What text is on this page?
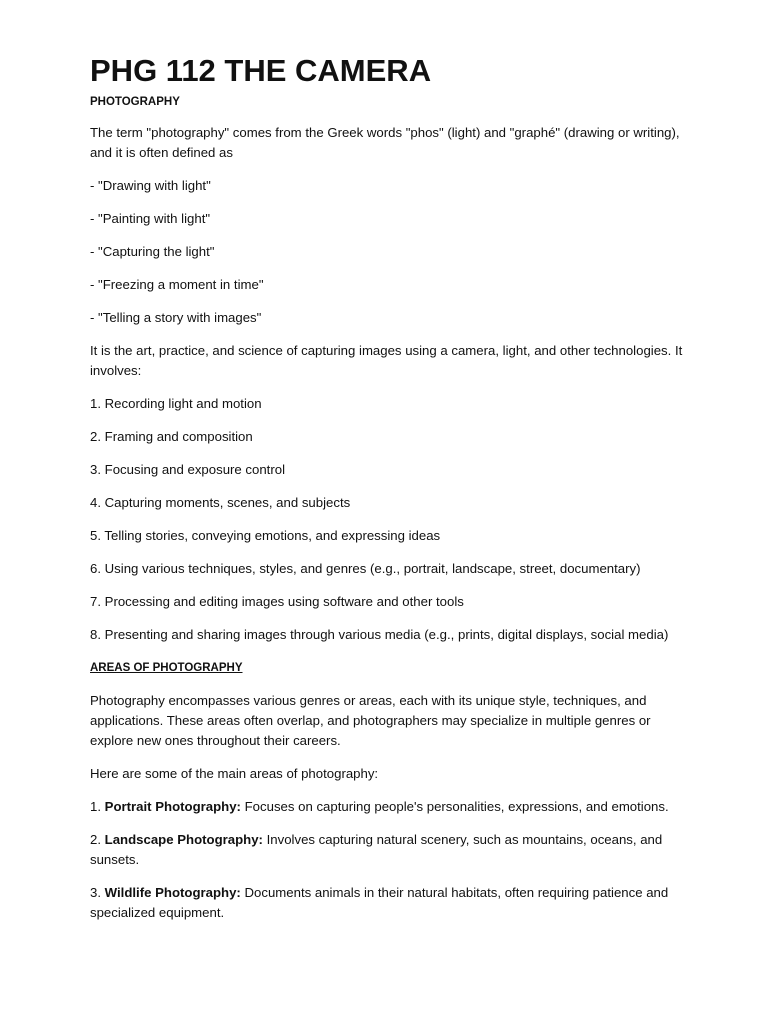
PHG 112 THE CAMERA
PHOTOGRAPHY

The term "photography" comes from the Greek words "phos" (light) and "graphé" (drawing or writing), and it is often defined as

- "Drawing with light"

- "Painting with light"

- "Capturing the light"

- "Freezing a moment in time"

- "Telling a story with images"

It is the art, practice, and science of capturing images using a camera, light, and other technologies. It involves:

1. Recording light and motion

2. Framing and composition

3. Focusing and exposure control

4. Capturing moments, scenes, and subjects

5. Telling stories, conveying emotions, and expressing ideas

6. Using various techniques, styles, and genres (e.g., portrait, landscape, street, documentary)

7. Processing and editing images using software and other tools

8. Presenting and sharing images through various media (e.g., prints, digital displays, social media)

AREAS OF PHOTOGRAPHY

Photography encompasses various genres or areas, each with its unique style, techniques, and applications. These areas often overlap, and photographers may specialize in multiple genres or explore new ones throughout their careers.

Here are some of the main areas of photography:

1. Portrait Photography: Focuses on capturing people's personalities, expressions, and emotions.

2. Landscape Photography: Involves capturing natural scenery, such as mountains, oceans, and sunsets.

3. Wildlife Photography: Documents animals in their natural habitats, often requiring patience and specialized equipment.
